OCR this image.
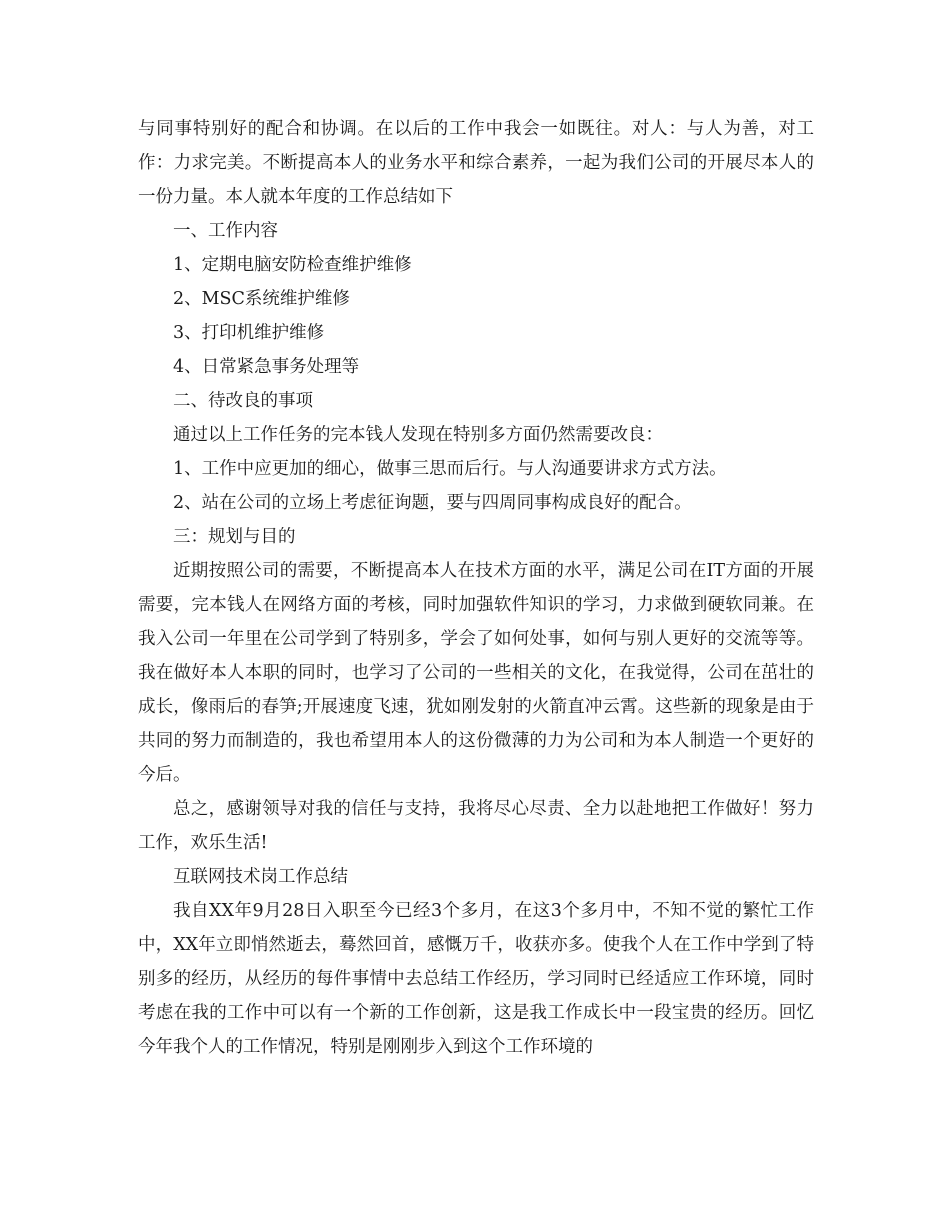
与同事特别好的配合和协调。在以后的工作中我会一如既往。对人：与人为善，对工作：力求完美。不断提高本人的业务水平和综合素养，一起为我们公司的开展尽本人的一份力量。本人就本年度的工作总结如下

一、工作内容

1、定期电脑安防检查维护维修

2、MSC系统维护维修

3、打印机维护维修

4、日常紧急事务处理等

二、待改良的事项

通过以上工作任务的完本钱人发现在特别多方面仍然需要改良：

1、工作中应更加的细心，做事三思而后行。与人沟通要讲求方式方法。

2、站在公司的立场上考虑征询题，要与四周同事构成良好的配合。

三：规划与目的

近期按照公司的需要，不断提高本人在技术方面的水平，满足公司在IT方面的开展需要，完本钱人在网络方面的考核，同时加强软件知识的学习，力求做到硬软同兼。在我入公司一年里在公司学到了特别多，学会了如何处事，如何与别人更好的交流等等。我在做好本人本职的同时，也学习了公司的一些相关的文化，在我觉得，公司在茁壮的成长，像雨后的春笋;开展速度飞速，犹如刚发射的火箭直冲云霄。这些新的现象是由于共同的努力而制造的，我也希望用本人的这份微薄的力为公司和为本人制造一个更好的今后。

总之，感谢领导对我的信任与支持，我将尽心尽责、全力以赴地把工作做好！努力工作，欢乐生活!

互联网技术岗工作总结

我自XX年9月28日入职至今已经3个多月，在这3个多月中，不知不觉的繁忙工作中，XX年立即悄然逝去，蓦然回首，感慨万千，收获亦多。使我个人在工作中学到了特别多的经历，从经历的每件事情中去总结工作经历，学习同时已经适应工作环境，同时考虑在我的工作中可以有一个新的工作创新，这是我工作成长中一段宝贵的经历。回忆今年我个人的工作情况，特别是刚刚步入到这个工作环境的
